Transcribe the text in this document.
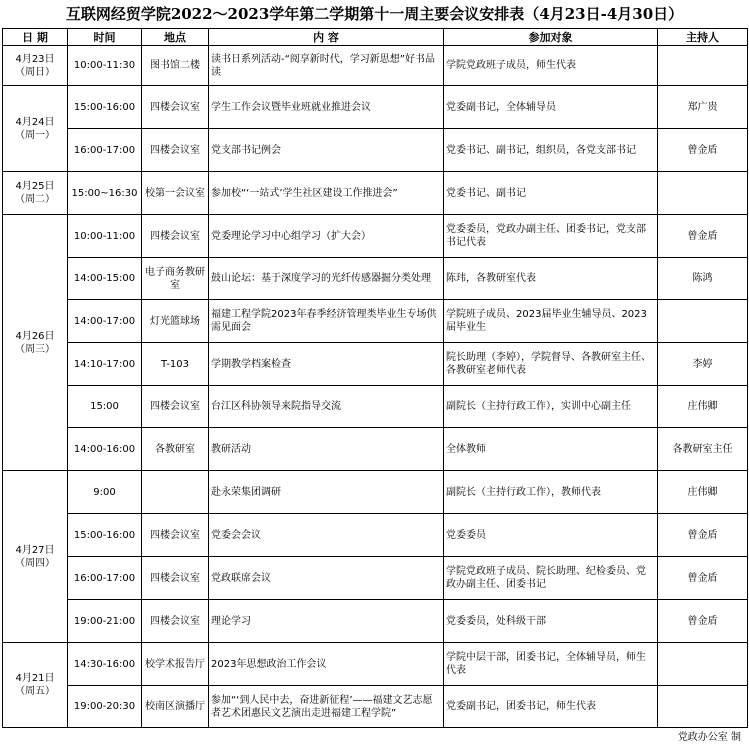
互联网经贸学院2022～2023学年第二学期第十一周主要会议安排表（4月23日-4月30日）
日 期	时间	地点	内 容	参加对象	主持人
4月23日
（周日）	10:00-11:30	图书馆二楼	读书日系列活动-“阅享新时代，学习新思想”好书品读	学院党政班子成员，师生代表	
4月24日
（周一）	15:00-16:00	四楼会议室	学生工作会议暨毕业班就业推进会议	党委副书记，全体辅导员	郑广贵
	16:00-17:00	四楼会议室	党支部书记例会	党委书记、副书记，组织员，各党支部书记	曾金盾
4月25日
（周二）	15:00~16:30	校第一会议室	参加校“‘一站式’学生社区建设工作推进会”	党委书记、副书记	
4月26日
（周三）	10:00-11:00	四楼会议室	党委理论学习中心组学习（扩大会）	党委委员，党政办副主任、团委书记，党支部书记代表	曾金盾
	14:00-15:00	电子商务教研室	鼓山论坛：基于深度学习的光纤传感器掘分类处理	陈玮，各教研室代表	陈鸿
	14:00-17:00	灯光篮球场	福建工程学院2023年春季经济管理类毕业生专场供需见面会	学院班子成员、2023届毕业生辅导员、2023届毕业生	
	14:10-17:00	T-103	学期教学档案检查	院长助理（李婷），学院督导、各教研室主任、各教研室老师代表	李婷
	15:00	四楼会议室	台江区科协领导来院指导交流	副院长（主持行政工作），实训中心副主任	庄伟卿
	14:00-16:00	各教研室	教研活动	全体教师	各教研室主任
4月27日
（周四）	9:00		赴永荣集团调研	副院长（主持行政工作），教师代表	庄伟卿
	15:00-16:00	四楼会议室	党委会会议	党委委员	曾金盾
	16:00-17:00	四楼会议室	党政联席会议	学院党政班子成员、院长助理、纪检委员、党政办副主任、团委书记	曾金盾
	19:00-21:00	四楼会议室	理论学习	党委委员，处科级干部	曾金盾
4月21日
（周五）	14:30-16:00	校学术报告厅	2023年思想政治工作会议	学院中层干部，团委书记，全体辅导员，师生代表	
	19:00-20:30	校南区演播厅	参加“‘到人民中去，奋进新征程’——福建文艺志愿者艺术团惠民文艺演出走进福建工程学院”	党委副书记，团委书记，师生代表	
党政办公室 制
